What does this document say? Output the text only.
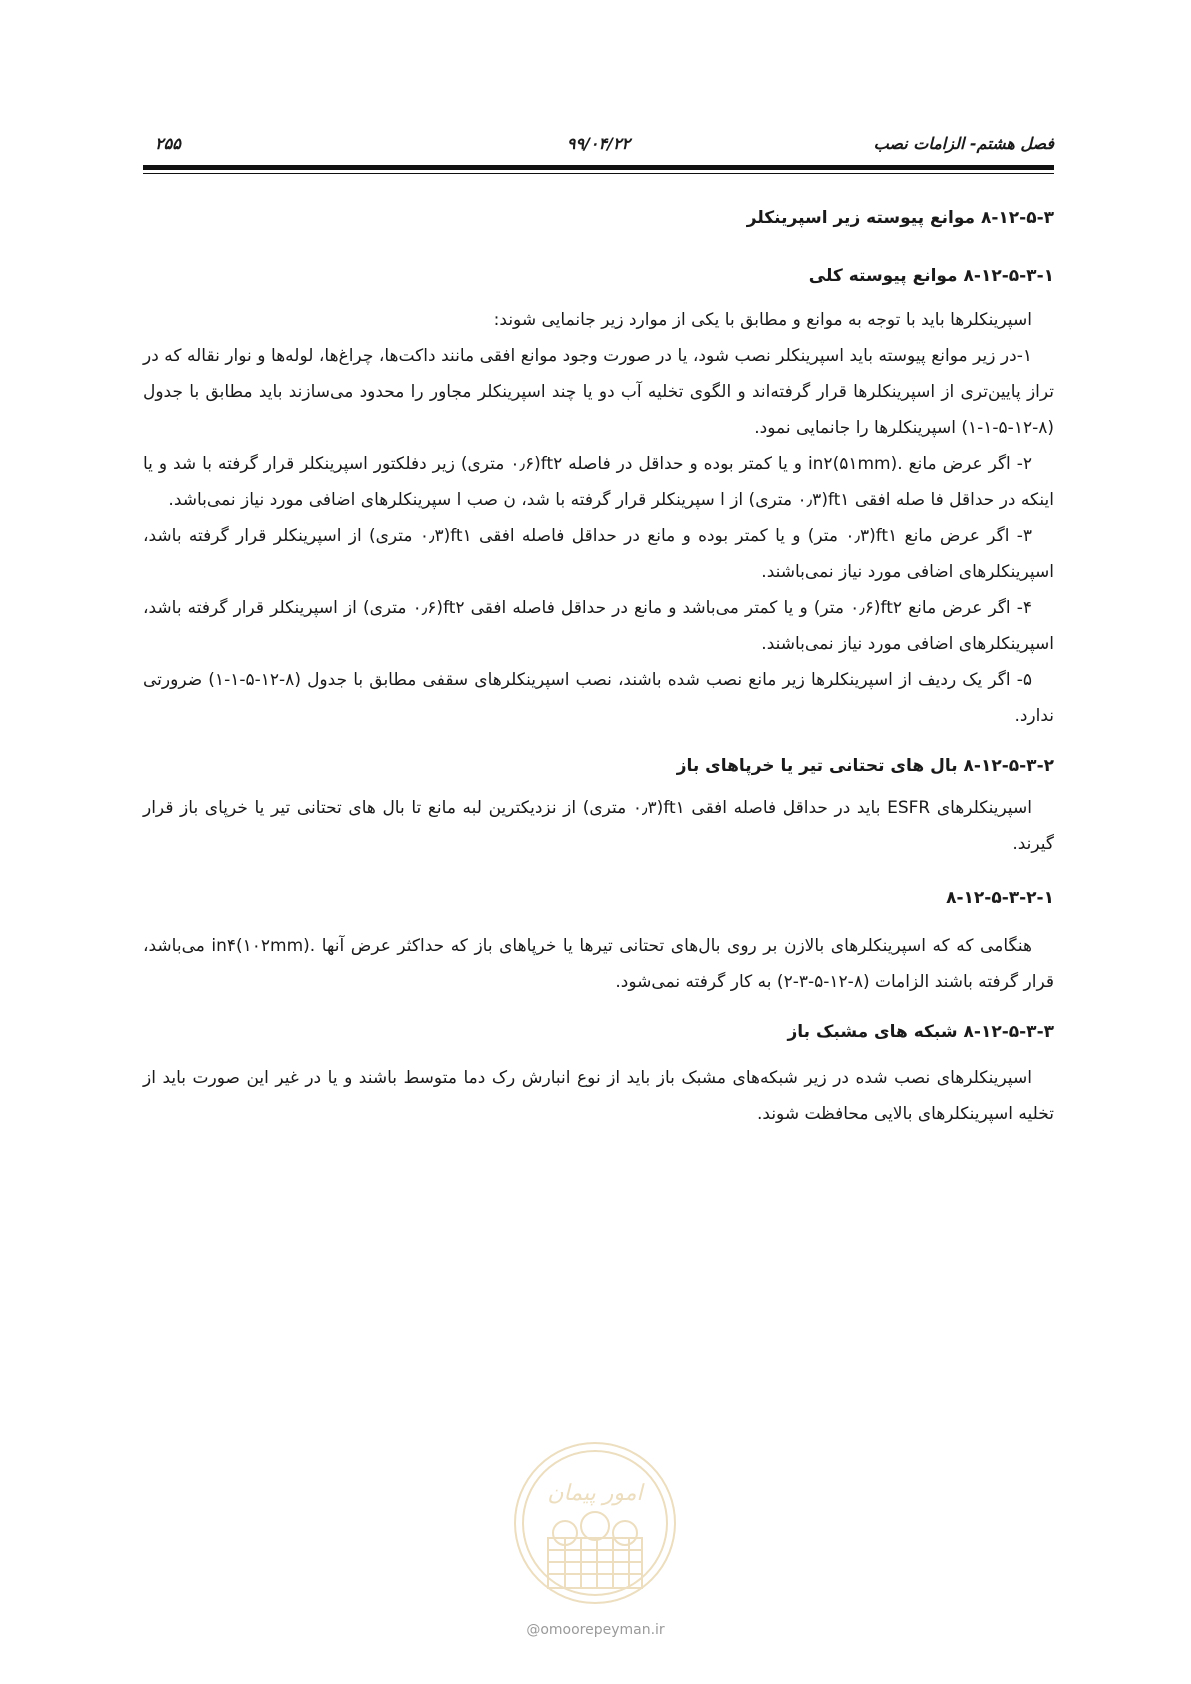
فصل هشتم- الزامات نصب
۹۹/۰۴/۲۲
۲۵۵
۸-۱۲-۵-۳ موانع پیوسته زیر اسپرینکلر
۸-۱۲-۵-۳-۱ موانع پیوسته کلی

اسپرینکلرها باید با توجه به موانع و مطابق با یکی از موارد زیر جانمایی شوند:

۱-در زیر موانع پیوسته باید اسپرینکلر نصب شود، یا در صورت وجود موانع افقی مانند داکت‌ها، چراغ‌ها، لوله‌ها و نوار نقاله که در تراز پایین‌تری از اسپرینکلرها قرار گرفته‌اند و الگوی تخلیه آب دو یا چند اسپرینکلر مجاور را محدود می‌سازند باید مطابق با جدول (۸-۱۲-۵-۱-۱) اسپرینکلرها را جانمایی نمود.

۲- اگر عرض مانع .in۲(۵۱mm) و یا کمتر بوده و حداقل در فاصله ft۲(۰٫۶ متری) زیر دفلکتور اسپرینکلر قرار گرفته با شد و یا اینکه در حداقل فا صله افقی ft۱(۰٫۳ متری) از ا سپرینکلر قرار گرفته با شد، ن صب ا سپرینکلرهای اضافی مورد نیاز نمی‌باشد.

۳- اگر عرض مانع ft۱(۰٫۳ متر) و یا کمتر بوده و مانع در حداقل فاصله افقی ft۱(۰٫۳ متری) از اسپرینکلر قرار گرفته باشد، اسپرینکلرهای اضافی مورد نیاز نمی‌باشند.

۴- اگر عرض مانع ft۲(۰٫۶ متر) و یا کمتر می‌باشد و مانع در حداقل فاصله افقی ft۲(۰٫۶ متری) از اسپرینکلر قرار گرفته باشد، اسپرینکلرهای اضافی مورد نیاز نمی‌باشند.

۵- اگر یک ردیف از اسپرینکلرها زیر مانع نصب شده باشند، نصب اسپرینکلرهای سقفی مطابق با جدول (۸-۱۲-۵-۱-۱) ضرورتی ندارد.

۸-۱۲-۵-۳-۲ بال های تحتانی تیر یا خرپاهای باز

اسپرینکلرهای ESFR باید در حداقل فاصله افقی ft۱(۰٫۳ متری) از نزدیکترین لبه مانع تا بال های تحتانی تیر یا خرپای باز قرار گیرند.

۸-۱۲-۵-۳-۲-۱

هنگامی که که اسپرینکلرهای بالازن بر روی بال‌های تحتانی تیرها یا خرپاهای باز که حداکثر عرض آنها .in۴(۱۰۲mm) می‌باشد، قرار گرفته باشند الزامات (۸-۱۲-۵-۳-۲) به کار گرفته نمی‌شود.

۸-۱۲-۵-۳-۳ شبکه های مشبک باز

اسپرینکلرهای نصب شده در زیر شبکه‌های مشبک باز باید از نوع انبارش رک دما متوسط باشند و یا در غیر این صورت باید از تخلیه اسپرینکلرهای بالایی محافظت شوند.

امور پیمان
@omoorepeyman.ir
